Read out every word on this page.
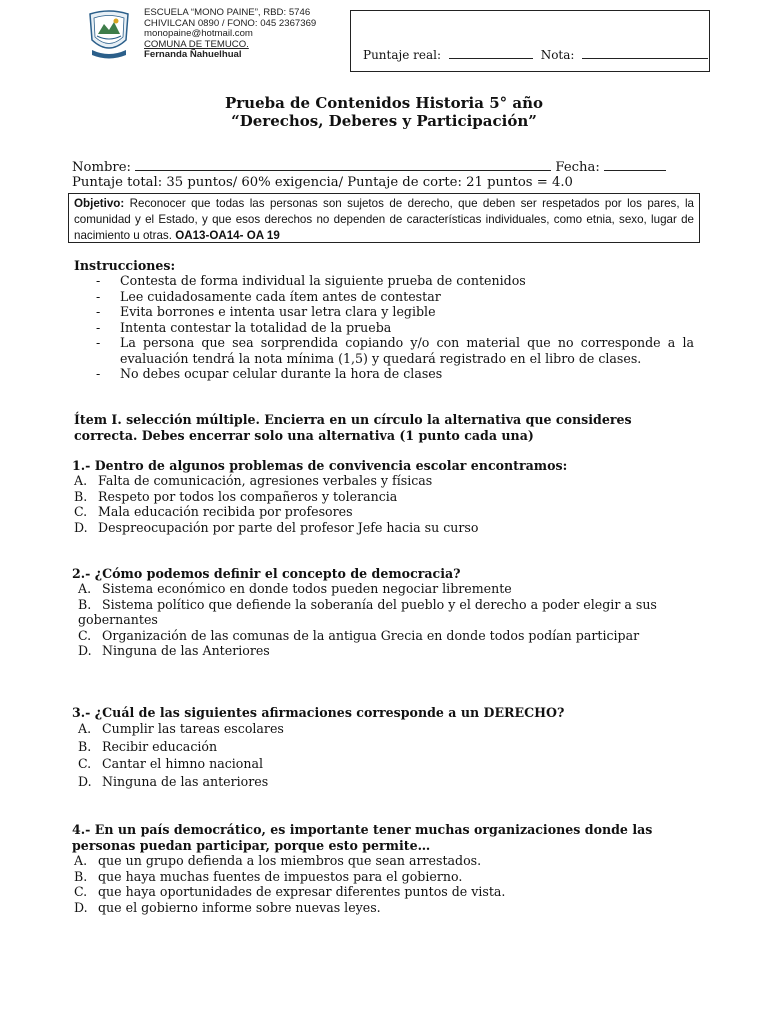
ESCUELA “MONO PAINE”, RBD: 5746
CHIVILCAN 0890 / FONO: 045 2367369
monopaine@hotmail.com
COMUNA DE TEMUCO.
Fernanda Ñahuelhual	Puntaje real:	Nota:
Prueba de Contenidos Historia 5° año
“Derechos, Deberes y Participación”
Nombre:	Fecha:
Puntaje total: 35 puntos/ 60% exigencia/ Puntaje de corte: 21 puntos = 4.0
Objetivo: Reconocer que todas las personas son sujetos de derecho, que deben ser respetados por los pares, la comunidad y el Estado, y que esos derechos no dependen de características individuales, como etnia, sexo, lugar de nacimiento u otras. OA13-OA14- OA 19
Instrucciones:
- Contesta de forma individual la siguiente prueba de contenidos
- Lee cuidadosamente cada ítem antes de contestar
- Evita borrones e intenta usar letra clara y legible
- Intenta contestar la totalidad de la prueba
- La persona que sea sorprendida copiando y/o con material que no corresponde a la evaluación tendrá la nota mínima (1,5) y quedará registrado en el libro de clases.
- No debes ocupar celular durante la hora de clases
Ítem I. selección múltiple. Encierra en un círculo la alternativa que consideres correcta. Debes encerrar solo una alternativa (1 punto cada una)
1.- Dentro de algunos problemas de convivencia escolar encontramos:
A. Falta de comunicación, agresiones verbales y físicas
B. Respeto por todos los compañeros y tolerancia
C. Mala educación recibida por profesores
D. Despreocupación por parte del profesor Jefe hacia su curso
2.- ¿Cómo podemos definir el concepto de democracia?
A. Sistema económico en donde todos pueden negociar libremente
B. Sistema político que defiende la soberanía del pueblo y el derecho a poder elegir a sus gobernantes
C. Organización de las comunas de la antigua Grecia en donde todos podían participar
D. Ninguna de las Anteriores
3.- ¿Cuál de las siguientes afirmaciones corresponde a un DERECHO?
A. Cumplir las tareas escolares
B. Recibir educación
C. Cantar el himno nacional
D. Ninguna de las anteriores
4.- En un país democrático, es importante tener muchas organizaciones donde las personas puedan participar, porque esto permite…
A. que un grupo defienda a los miembros que sean arrestados.
B. que haya muchas fuentes de impuestos para el gobierno.
C. que haya oportunidades de expresar diferentes puntos de vista.
D. que el gobierno informe sobre nuevas leyes.
